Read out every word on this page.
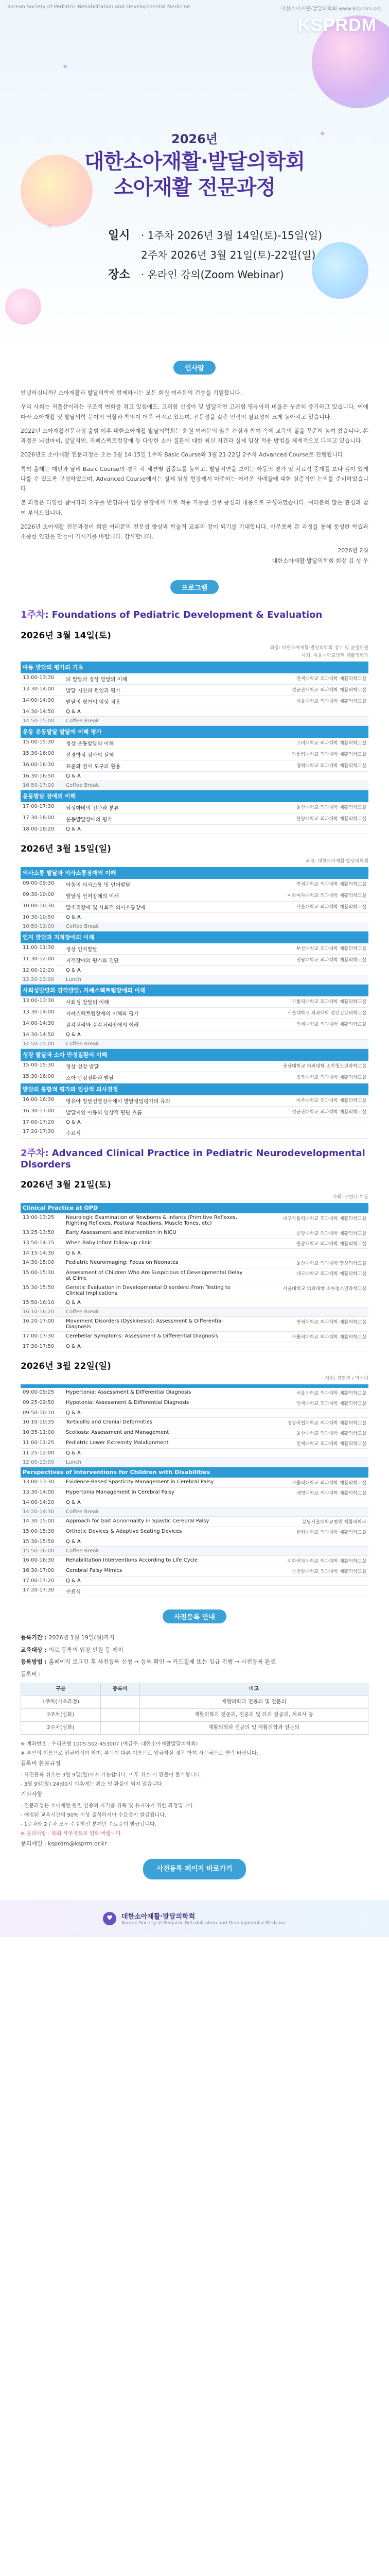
Korean Society of Pediatric Rehabilitation and Developmental Medicine	대한소아재활·발달의학회 www.ksprdm.org
✦
✦
✧
KSPRDM
2026년
대한소아재활·발달의학회
소아재활 전문과정
일시	· 1주차 2026년 3월 14일(토)-15일(일)
2주차 2026년 3월 21일(토)-22일(일)
장소	· 온라인 강의(Zoom Webinar)
인사말

안녕하십니까? 소아재활과 발달의학에 함께하시는 모든 회원 여러분의 건승을 기원합니다.

우리 사회는 저출산이라는 구조적 변화를 겪고 있음에도, 고위험 신생아 및 발달지연 고위험 영유아의 비율은 꾸준히 증가하고 있습니다. 이에 따라 소아재활 및 발달의학 분야의 역할과 책임이 더욱 커지고 있으며, 전문성을 갖춘 인력의 필요성이 크게 높아지고 있습니다.

2022년 소아재활전문과정 출범 이후 대한소아재활·발달의학회는 회원 여러분의 많은 관심과 참여 속에 교육의 질을 꾸준히 높여 왔습니다. 본 과정은 뇌성마비, 발달지연, 자폐스펙트럼장애 등 다양한 소아 질환에 대한 최신 지견과 실제 임상 적용 방법을 체계적으로 다루고 있습니다.

2026년도 소아재활 전문과정은 오는 3월 14-15일 1주차 Basic Course와 3월 21-22일 2주차 Advanced Course로 진행됩니다.

특히 올해는 예년과 달리 Basic Course의 경우 각 세션별 집중도를 높이고, 발달지연을 보이는 아동의 평가 및 치료적 중재를 보다 깊이 있게 다룰 수 있도록 구성하였으며, Advanced Course에서는 실제 임상 현장에서 마주하는 어려운 사례들에 대한 심층적인 논의를 준비하였습니다.

본 과정은 다양한 참여자의 요구를 반영하여 임상 현장에서 바로 적용 가능한 실무 중심의 내용으로 구성하였습니다. 여러분의 많은 관심과 참여 부탁드립니다.

2026년 소아재활 전문과정이 회원 여러분의 전문성 향상과 학술적 교류의 장이 되기를 기대합니다. 아무쪼록 본 과정을 통해 풍성한 학습과 소중한 인연을 만들어 가시기를 바랍니다. 감사합니다.

2026년 2월
대한소아재활·발달의학회 회장 김 성 우
프로그램
1주차: Foundations of Pediatric Development & Evaluation
2026년 3월 14일(토)
좌장: 대한소아재활·발달의학회 정두 및 운영위원
사회: 서울대학교병원 재활의학과
아동 발달의 평가의 기초		
13:00-13:30	뇌 발달과 정상 발달의 이해	연세대학교 의과대학 재활의학교실
13:30-14:00	발달 지연의 원인과 평가	성균관대학교 의과대학 재활의학교실
14:00-14:30	발달의 평가의 임상 적용	서울대학교 의과대학 재활의학교실
14:30-14:50	Q & A	
14:50-15:00	Coffee Break	
운동 운동발달 발달에 이해 평가		
15:00-15:30	정상 운동발달의 이해	고려대학교 의과대학 재활의학교실
15:30-16:00	신경학적 검사의 실제	가톨릭대학교 의과대학 재활의학교실
16:00-16:30	표준화 검사 도구의 활용	경희대학교 의과대학 재활의학교실
16:30-16:50	Q & A	
16:50-17:00	Coffee Break	
운동발달 장애의 이해		
17:00-17:30	뇌성마비의 진단과 분류	울산대학교 의과대학 재활의학교실
17:30-18:00	운동발달장애의 평가	한양대학교 의과대학 재활의학교실
18:00-18:20	Q & A	
2026년 3월 15일(일)
좌장: 대한소아재활·발달의학회
의사소통 발달과 의사소통장애의 이해		
09:00-09:30	아동의 의사소통 및 언어발달	연세대학교 의과대학 재활의학교실
09:30-10:00	발달성 언어장애의 이해	이화여자대학교 의과대학 재활의학교실
10:00-10:30	말소리장애 및 사회적 의사소통장애	서울대학교 의과대학 재활의학교실
10:30-10:50	Q & A	
10:50-11:00	Coffee Break	
인지 발달과 지적장애의 이해		
11:00-11:30	정상 인지발달	부산대학교 의과대학 재활의학교실
11:30-12:00	지적장애의 평가와 진단	전남대학교 의과대학 재활의학교실
12:00-12:20	Q & A	
12:20-13:00	Lunch	
사회성발달과 감각발달, 자폐스펙트럼장애의 이해		
13:00-13:30	사회성 발달의 이해	가톨릭대학교 의과대학 재활의학교실
13:30-14:00	자폐스펙트럼장애의 이해와 평가	서울대학교 의과대학 정신건강의학교실
14:00-14:30	감각처리와 감각처리장애의 이해	연세대학교 의과대학 재활의학교실
14:30-14:50	Q & A	
14:50-15:00	Coffee Break	
성장 발달과 소아 만성질환의 이해		
15:00-15:30	정상 성장 발달	충남대학교 의과대학 소아청소년과학교실
15:30-16:00	소아 만성질환과 발달	경북대학교 의과대학 재활의학교실
발달의 통합적 평가와 임상적 의사결정		
16:00-16:30	영유아 발달선별검사에서 발달정밀평가의 유의	아주대학교 의과대학 재활의학교실
16:30-17:00	발달지연 아동의 임상적 판단 흐름	성균관대학교 의과대학 재활의학교실
17:00-17:20	Q & A	
17:20-17:30	수료식	
2주차: Advanced Clinical Practice in Pediatric Neurodevelopmental Disorders
2026년 3월 21일(토)
사회: 조한나 이상
Clinical Practice at OPD		
13:00-13:25	Neurologic Examination of Newborns & Infants (Primitive Reflexes, Righting Reflexes, Postural Reactions, Muscle Tones, etc)	대구가톨릭대학교 의과대학 재활의학교실
13:25-13:50	Early Assessment and Intervention in NICU	중앙대학교 의과대학 재활의학교실
13:50-14:15	When Baby Infant follow-up clinic	원광대학교 의과대학 재활의학교실
14:15-14:30	Q & A	
14:30-15:00	Pediatric Neuroimaging: Focus on Neonates	울산대학교 의과대학 영상의학교실
15:00-15:30	Assessment of Children Who Are Suspicious of Developmental Delay at Clinic	대구대학교 의과대학 재활의학교실
15:30-15:50	Genetic Evaluation in Developmental Disorders: From Testing to Clinical Implications	서울대학교 의과대학 소아청소년과학교실
15:50-16:10	Q & A	
16:10-16:20	Coffee Break	
16:20-17:00	Movement Disorders (Dyskinesia): Assessment & Differential Diagnosis	연세대학교 의과대학 재활의학교실
17:00-17:30	Cerebellar Symptoms: Assessment & Differential Diagnosis	가톨릭대학교 의과대학 재활의학교실
17:30-17:50	Q & A	
2026년 3월 22일(일)
사회: 장영진 / 박선미

09:00-09:25	Hypertonia: Assessment & Differential Diagnosis	서울대학교 의과대학 재활의학교실
09:25-09:50	Hypotonia: Assessment & Differential Diagnosis	연세대학교 의과대학 재활의학교실
09:50-10:10	Q & A	
10:10-10:35	Torticollis and Cranial Deformities	경상국립대학교 의과대학 재활의학교실
10:35-11:00	Scoliosis: Assessment and Management	울산대학교 의과대학 재활의학교실
11:00-11:25	Pediatric Lower Extremity Malalignment	인제대학교 의과대학 재활의학교실
11:25-12:00	Q & A	
12:00-13:00	Lunch	
Perspectives of Interventions for Children with Disabilities		
13:00-13:30	Evidence-Based Spasticity Management in Cerebral Palsy	가톨릭대학교 의과대학 재활의학교실
13:30-14:00	Hypertonia Management in Cerebral Palsy	계명대학교 의과대학 재활의학교실
14:00-14:20	Q & A	
14:20-14:30	Coffee Break	
14:30-15:00	Approach for Gait Abnormality in Spastic Cerebral Palsy	분당서울대학교병원 재활의학과
15:00-15:30	Orthotic Devices & Adaptive Seating Devices	한림대학교 의과대학 재활의학교실
15:30-15:50	Q & A	
15:50-16:00	Coffee Break	
16:00-16:30	Rehabilitation Interventions According to Life Cycle	이화여자대학교 의과대학 재활의학교실
16:30-17:00	Cerebral Palsy Mimics	순천향대학교 의과대학 재활의학교실
17:00-17:20	Q & A	
17:20-17:30	수료식	
사전등록 안내
등록기간 : 2026년 1월 19일(월)까지
교육대상 : 의료 등록의 입장 인원 등 제외
등록방법 : 홈페이지 로그인 후 사전등록 신청 → 등록 확인 → 카드결제 또는 입금 진행 → 사전등록 완료
등록비 :
구분	등록비	비고
1주차(기초과정)		재활의학과 전공의 및 전문의
2주차(심화)		재활의학과 전문의, 전공의 및 타과 전공의, 치료사 등
2주차(심화)		재활의학과 전공의 및 재활의학과 전문의
※ 계좌번호 : 우리은행 1005-502-453007 (예금주: 대한소아재활발달의학회)
※ 본인의 이름으로 입금하셔야 하며, 부득이 다른 이름으로 입금하실 경우 학회 사무국으로 연락 바랍니다.
등록비 환불규정
- 사전등록 취소는 3월 9일(월)까지 가능합니다. 이후 취소 시 환불이 불가합니다.
- 3월 9일(월) 24:00시 이후에는 취소 및 환불이 되지 않습니다.
기타사항
- 전문과정은 소아재활 관련 인증의 자격을 취득 및 유지하기 위한 과정입니다.
- 예정된 교육시간의 90% 이상 출석하셔야 수료증이 발급됩니다.
- 1주차와 2주차 모두 수강하신 분께만 수료증이 발급됩니다.
※ 문의사항 : 학회 사무국으로 연락 바랍니다.
문의메일 : ksprdm@ksprm.or.kr
사전등록 페이지 바로가기
♥	대한소아재활·발달의학회
Korean Society of Pediatric Rehabilitation and Developmental Medicine
